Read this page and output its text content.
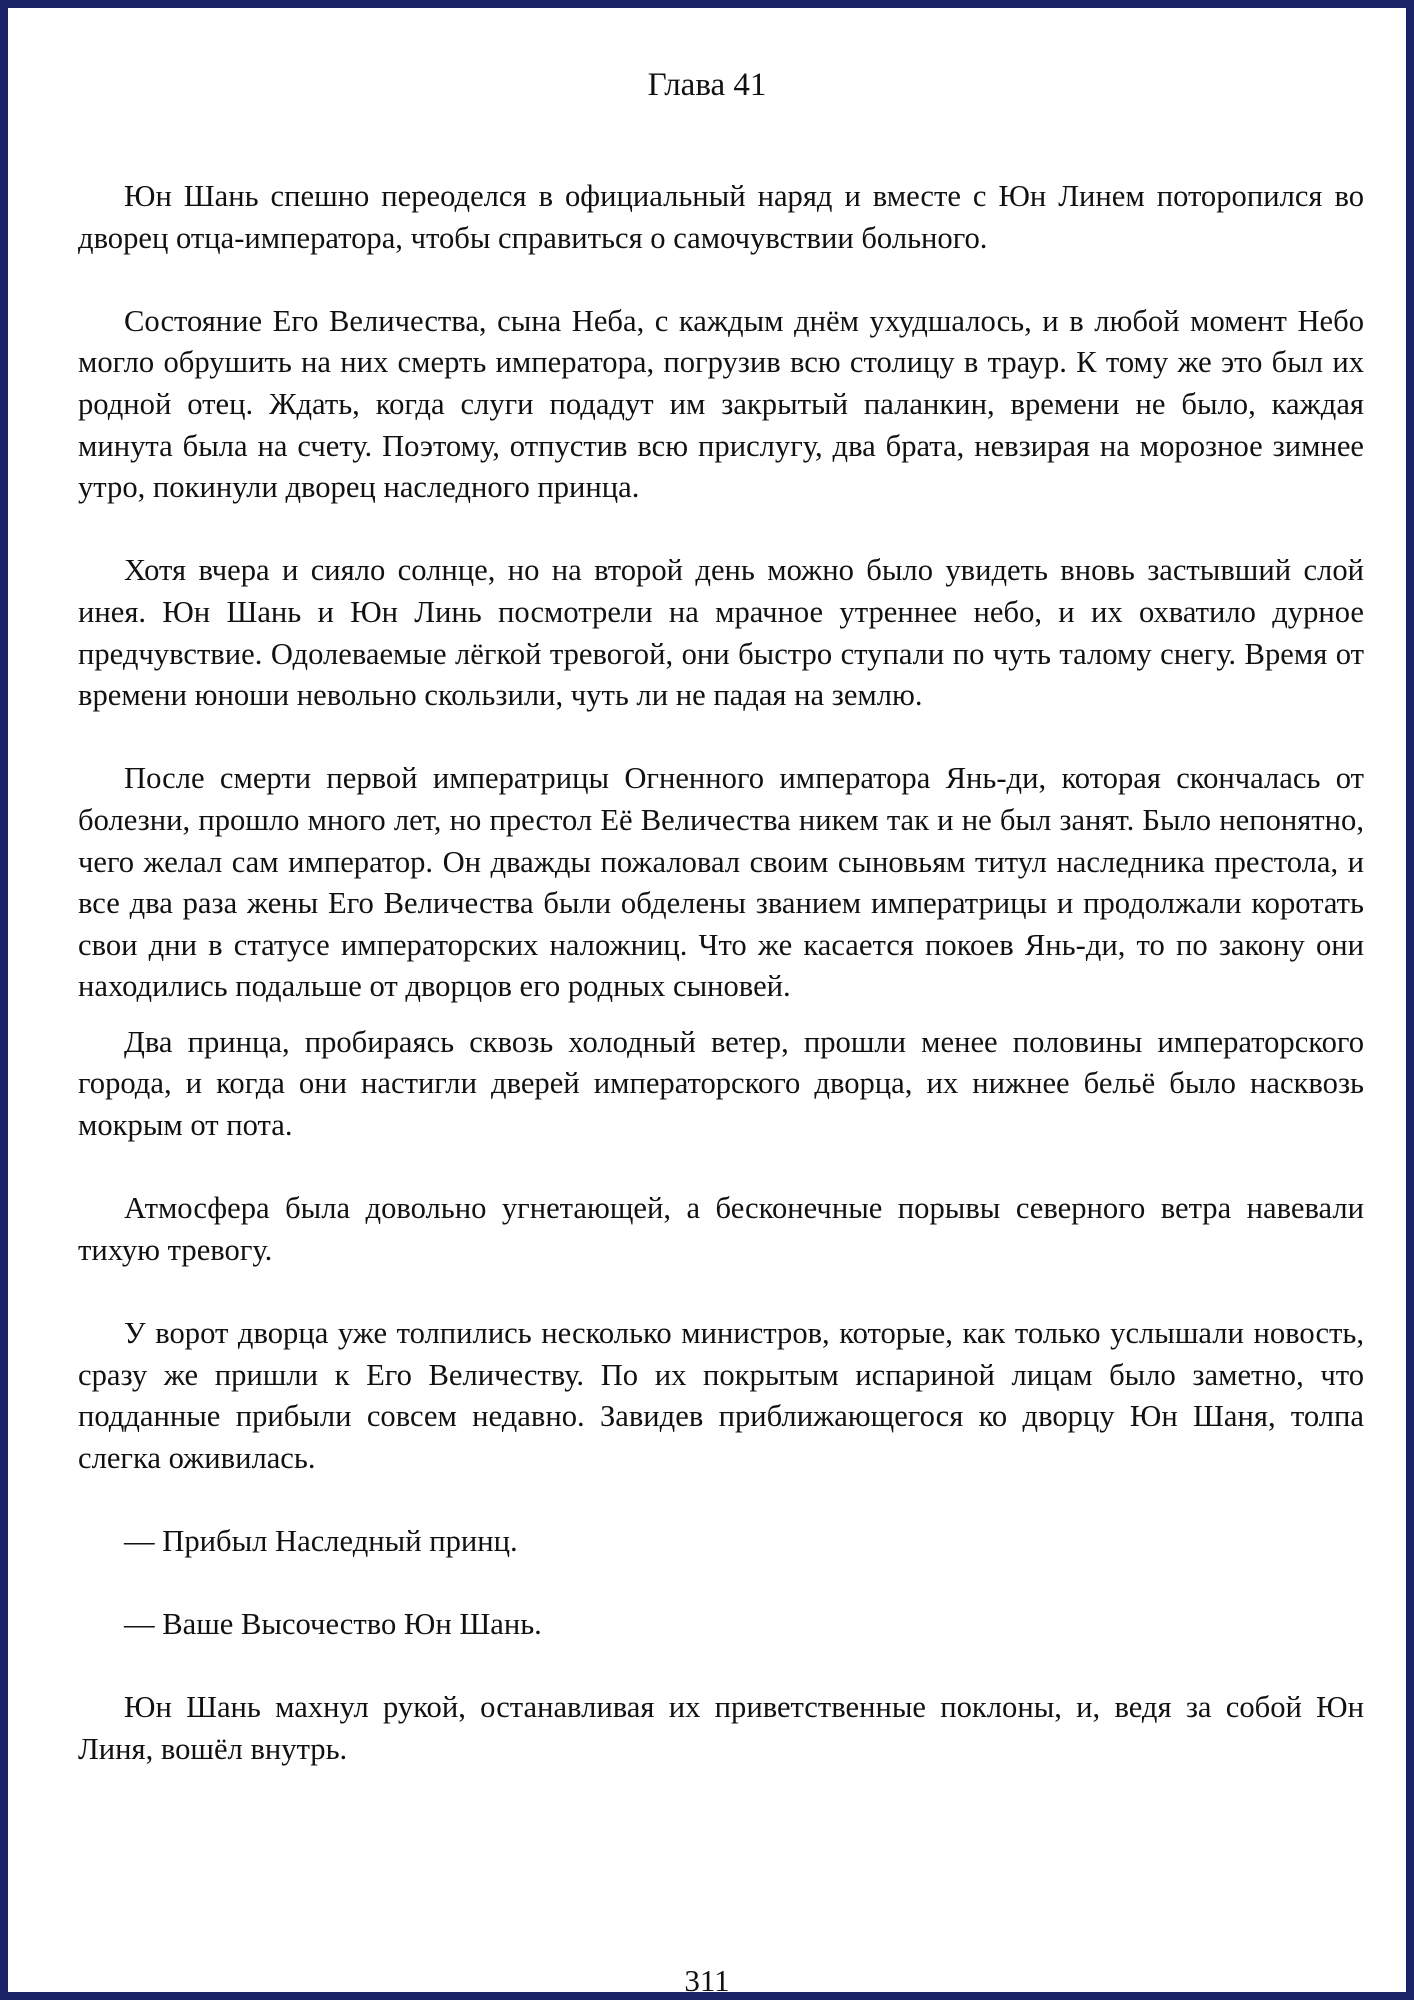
Глава 41

Юн Шань спешно переоделся в официальный наряд и вместе с Юн Линем поторопился во дворец отца-императора, чтобы справиться о самочувствии больного.

Состояние Его Величества, сына Неба, с каждым днём ухудшалось, и в любой момент Небо могло обрушить на них смерть императора, погрузив всю столицу в траур. К тому же это был их родной отец. Ждать, когда слуги подадут им закрытый паланкин, времени не было, каждая минута была на счету. Поэтому, отпустив всю прислугу, два брата, невзирая на морозное зимнее утро, покинули дворец наследного принца.

Хотя вчера и сияло солнце, но на второй день можно было увидеть вновь застывший слой инея. Юн Шань и Юн Линь посмотрели на мрачное утреннее небо, и их охватило дурное предчувствие. Одолеваемые лёгкой тревогой, они быстро ступали по чуть талому снегу. Время от времени юноши невольно скользили, чуть ли не падая на землю.

После смерти первой императрицы Огненного императора Янь-ди, которая скончалась от болезни, прошло много лет, но престол Её Величества никем так и не был занят. Было непонятно, чего желал сам император. Он дважды пожаловал своим сыновьям титул наследника престола, и все два раза жены Его Величества были обделены званием императрицы и продолжали коротать свои дни в статусе императорских наложниц. Что же касается покоев Янь-ди, то по закону они находились подальше от дворцов его родных сыновей.

Два принца, пробираясь сквозь холодный ветер, прошли менее половины императорского города, и когда они настигли дверей императорского дворца, их нижнее бельё было насквозь мокрым от пота.

Атмосфера была довольно угнетающей, а бесконечные порывы северного ветра навевали тихую тревогу.

У ворот дворца уже толпились несколько министров, которые, как только услышали новость, сразу же пришли к Его Величеству. По их покрытым испариной лицам было заметно, что подданные прибыли совсем недавно. Завидев приближающегося ко дворцу Юн Шаня, толпа слегка оживилась.

— Прибыл Наследный принц.

— Ваше Высочество Юн Шань.

Юн Шань махнул рукой, останавливая их приветственные поклоны, и, ведя за собой Юн Линя, вошёл внутрь.

311
